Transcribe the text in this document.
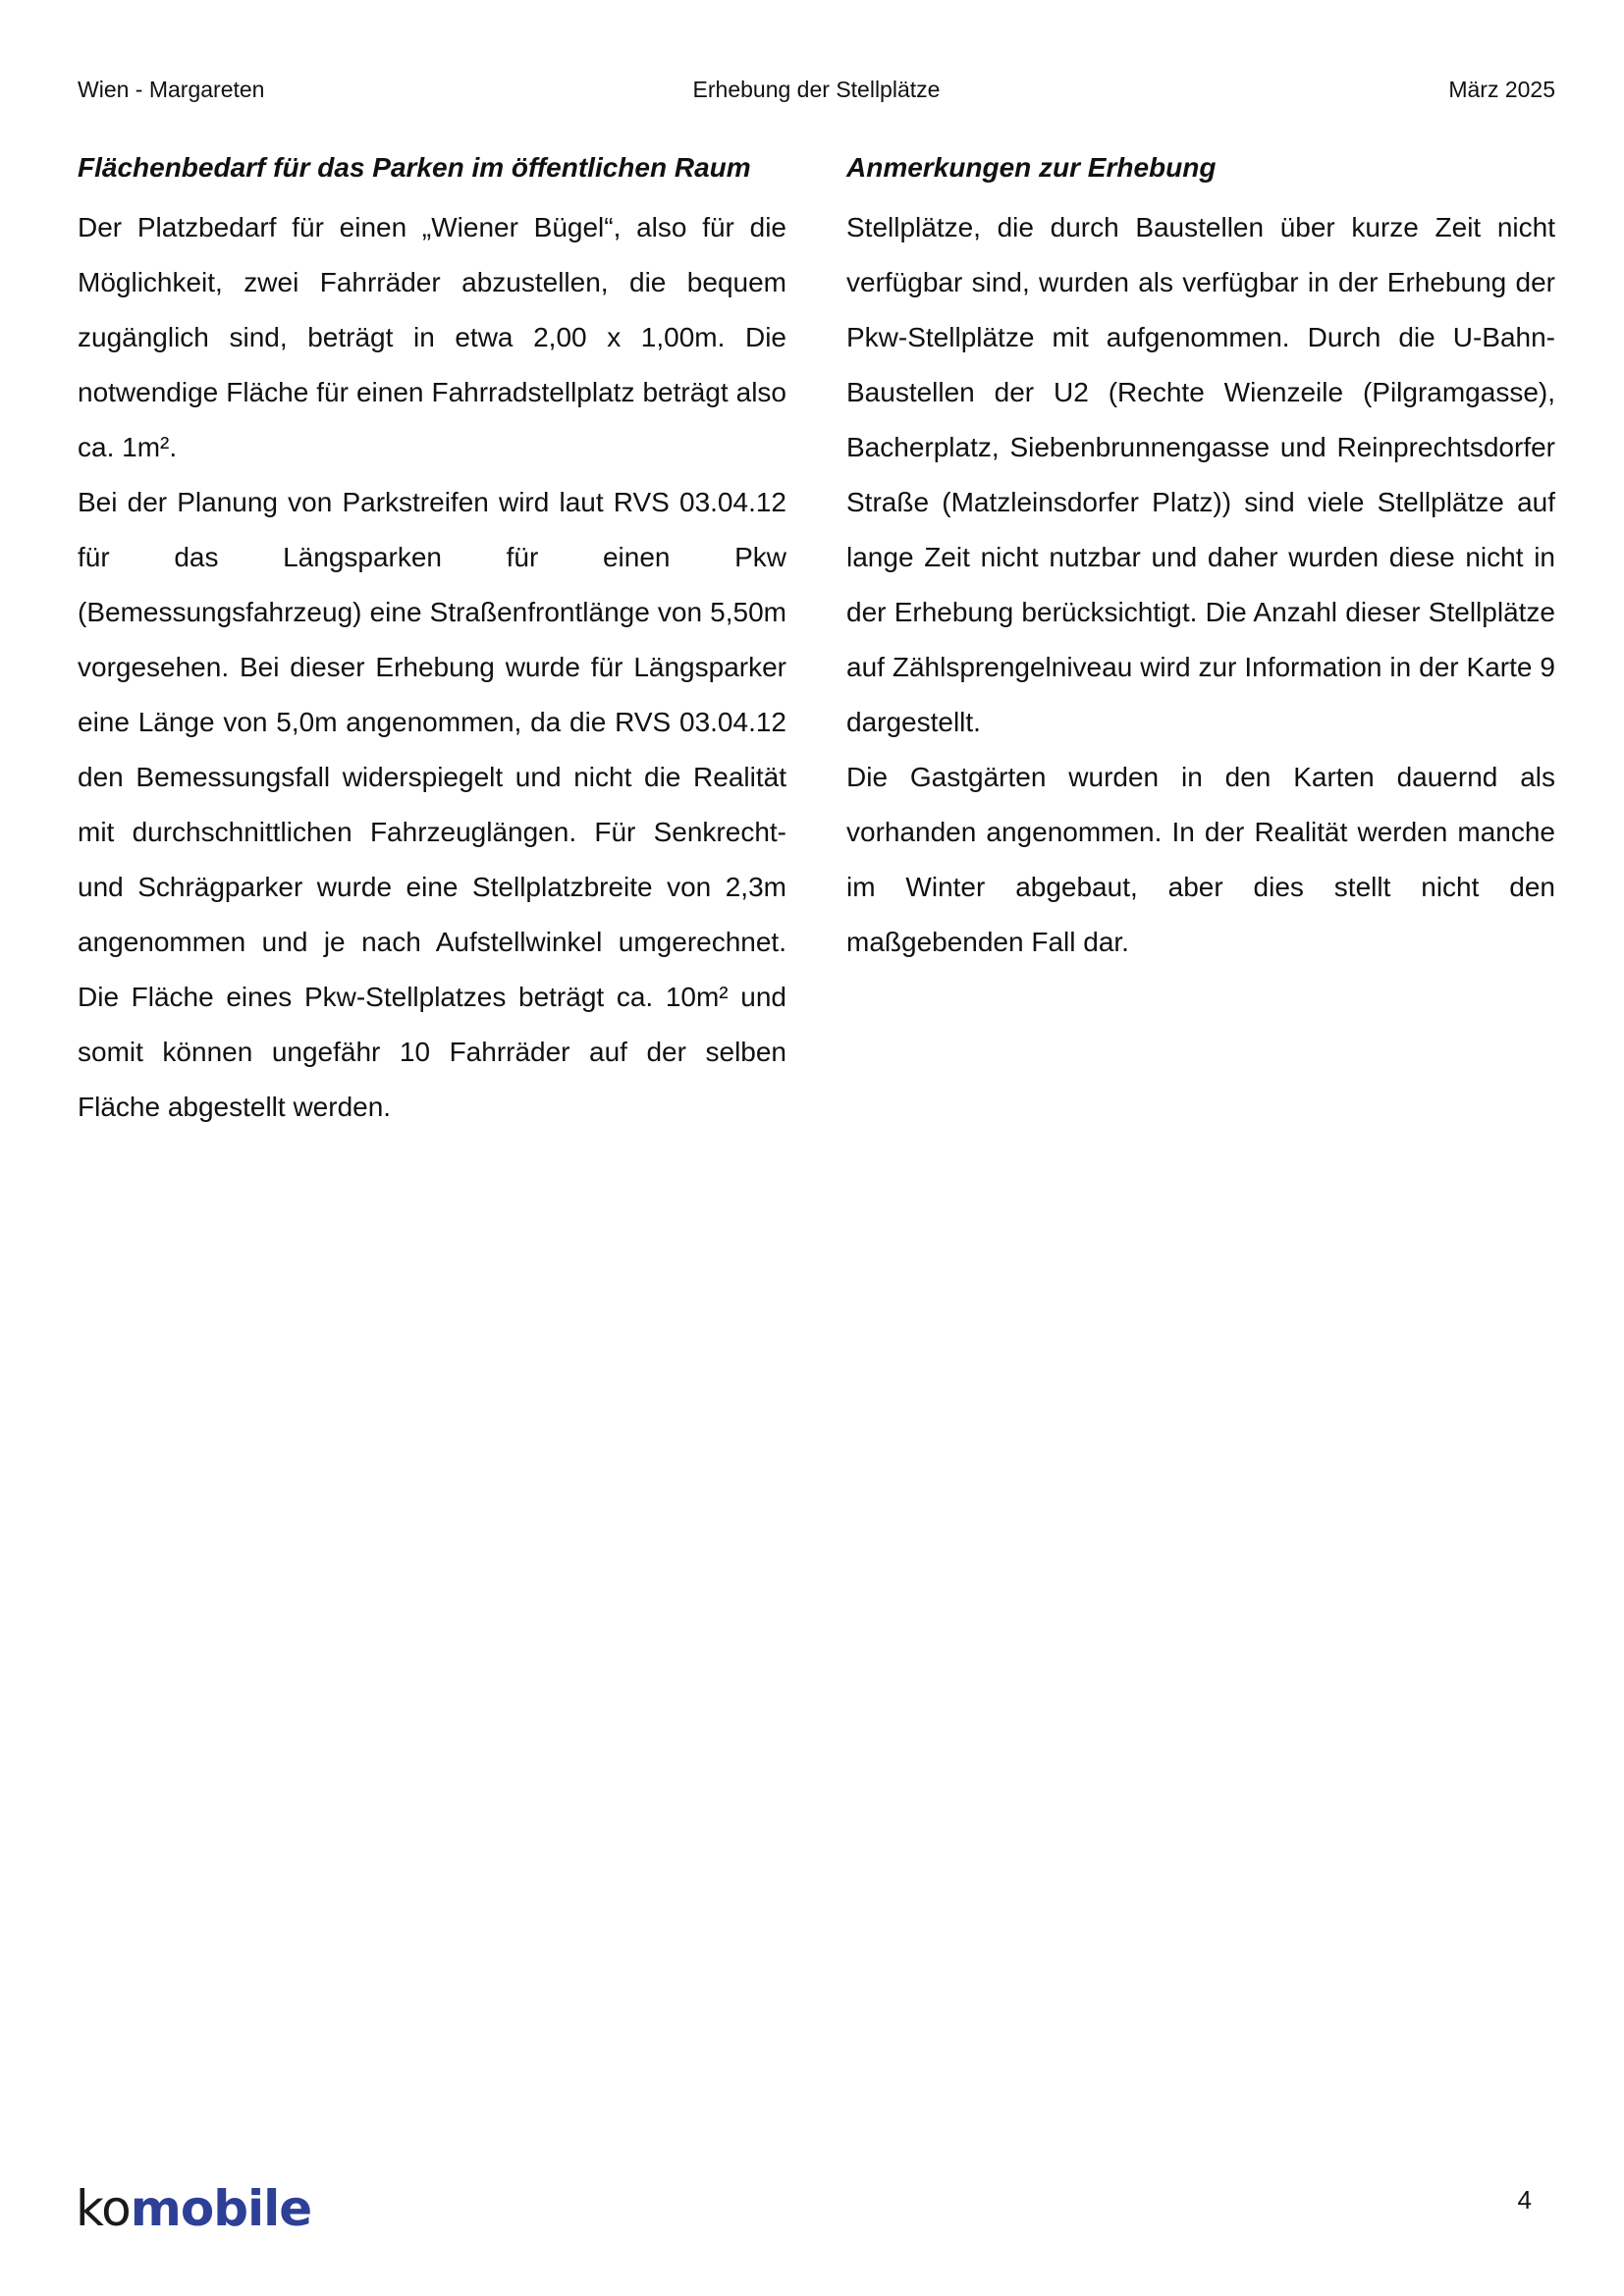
Wien - Margareten	Erhebung der Stellplätze	März 2025
Flächenbedarf für das Parken im öffentlichen Raum

Der Platzbedarf für einen „Wiener Bügel“, also für die Möglichkeit, zwei Fahrräder abzustellen, die bequem zugänglich sind, beträgt in etwa 2,00 x 1,00m. Die notwendige Fläche für einen Fahrradstellplatz beträgt also ca. 1m².

Bei der Planung von Parkstreifen wird laut RVS 03.04.12 für das Längsparken für einen Pkw (Bemessungsfahrzeug) eine Straßenfrontlänge von 5,50m vorgesehen. Bei dieser Erhebung wurde für Längsparker eine Länge von 5,0m angenommen, da die RVS 03.04.12 den Bemessungsfall widerspiegelt und nicht die Realität mit durchschnittlichen Fahrzeuglängen. Für Senkrecht- und Schrägparker wurde eine Stellplatzbreite von 2,3m angenommen und je nach Aufstellwinkel umgerechnet. Die Fläche eines Pkw-Stellplatzes beträgt ca. 10m² und somit können ungefähr 10 Fahrräder auf der selben Fläche abgestellt werden.

Anmerkungen zur Erhebung

Stellplätze, die durch Baustellen über kurze Zeit nicht verfügbar sind, wurden als verfügbar in der Erhebung der Pkw-Stellplätze mit aufgenommen. Durch die U-Bahn-Baustellen der U2 (Rechte Wienzeile (Pilgramgasse), Bacherplatz, Siebenbrunnengasse und Reinprechtsdorfer Straße (Matzleinsdorfer Platz)) sind viele Stellplätze auf lange Zeit nicht nutzbar und daher wurden diese nicht in der Erhebung berücksichtigt. Die Anzahl dieser Stellplätze auf Zählsprengelniveau wird zur Information in der Karte 9 dargestellt.

Die Gastgärten wurden in den Karten dauernd als vorhanden angenommen. In der Realität werden manche im Winter abgebaut, aber dies stellt nicht den maßgebenden Fall dar.

komobile	4
